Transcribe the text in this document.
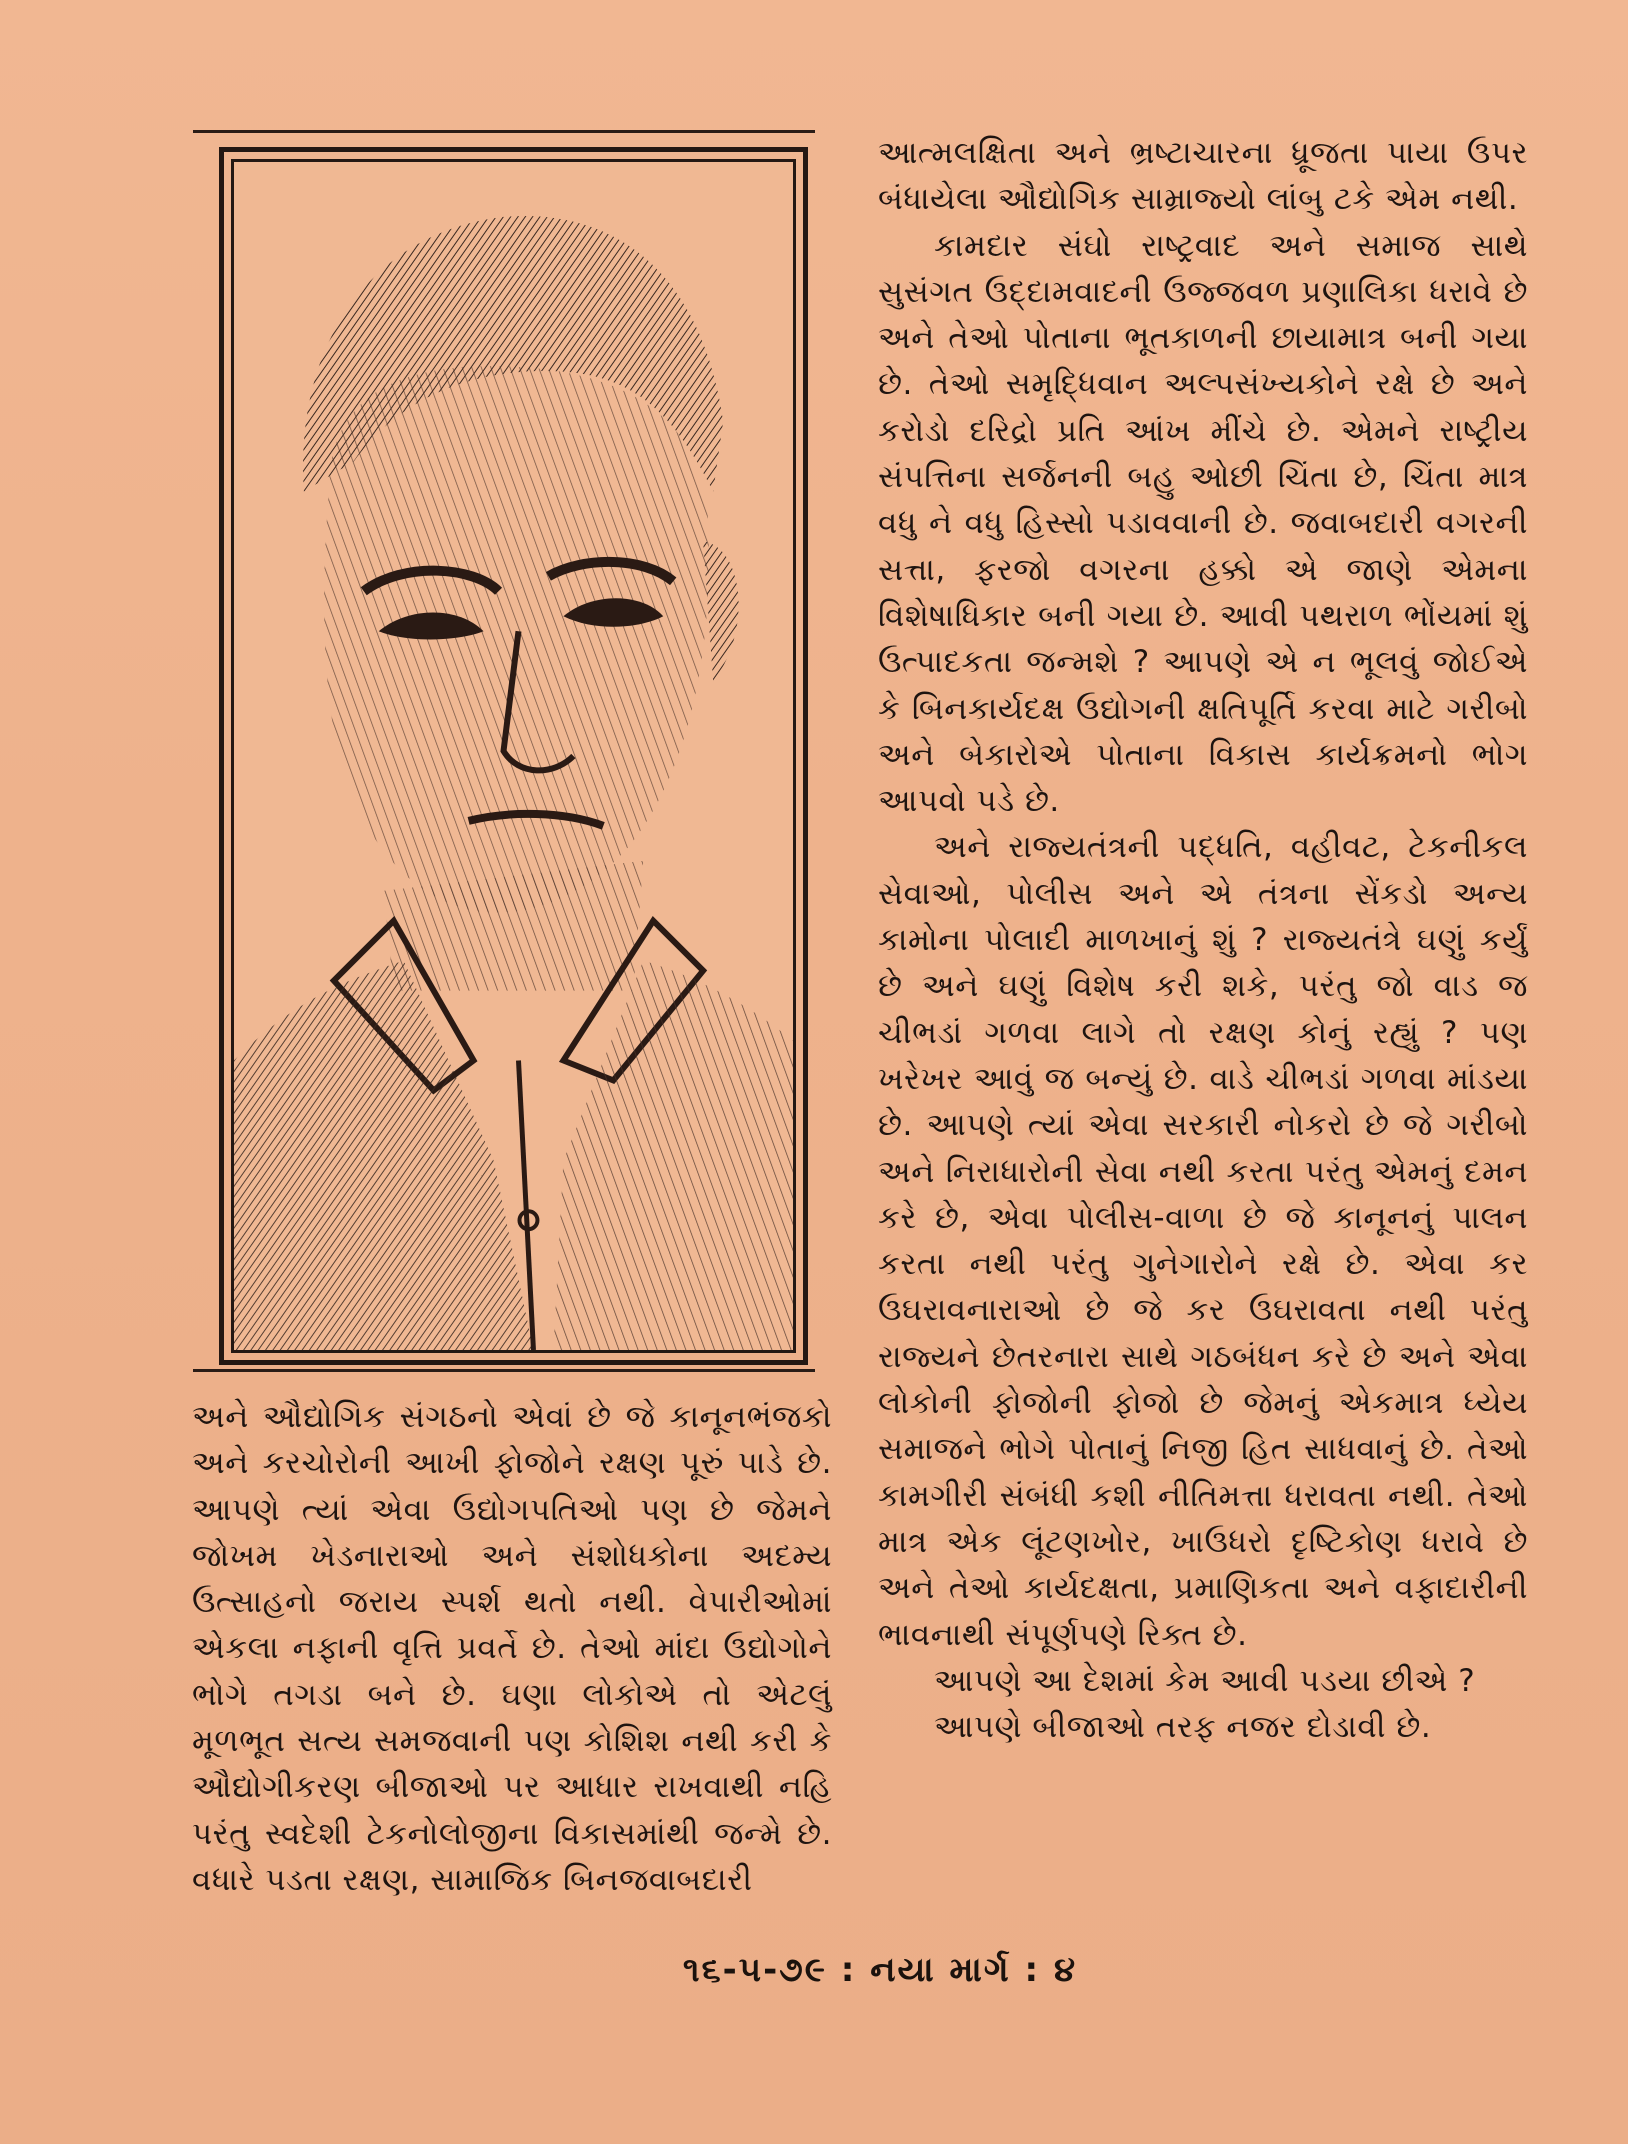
આત્મલક્ષિતા અને ભ્રષ્ટાચારના ધ્રૂજતા પાયા ઉપર બંધાયેલા ઔદ્યોગિક સામ્રાજ્યો લાંબુ ટકે એમ નથી.

કામદાર સંઘો રાષ્ટ્રવાદ અને સમાજ સાથે સુસંગત ઉદ્દામવાદની ઉજ્જવળ પ્રણાલિકા ધરાવે છે અને તેઓ પોતાના ભૂતકાળની છાયામાત્ર બની ગયા છે. તેઓ સમૃદ્ધિવાન અલ્પસંખ્યકોને રક્ષે છે અને કરોડો દરિદ્રો પ્રતિ આંખ મીંચે છે. એમને રાષ્ટ્રીય સંપત્તિના સર્જનની બહુ ઓછી ચિંતા છે, ચિંતા માત્ર વધુ ને વધુ હિસ્સો પડાવવાની છે. જવાબદારી વગરની સત્તા, ફરજો વગરના હક્કો એ જાણે એમના વિશેષાધિકાર બની ગયા છે. આવી પથરાળ ભોંયમાં શું ઉત્પાદકતા જન્મશે ? આપણે એ ન ભૂલવું જોઈએ કે બિનકાર્યદક્ષ ઉદ્યોગની ક્ષતિપૂર્તિ કરવા માટે ગરીબો અને બેકારોએ પોતાના વિકાસ કાર્યક્રમનો ભોગ આપવો પડે છે.

અને રાજ્યતંત્રની પદ્ધતિ, વહીવટ, ટેકનીકલ સેવાઓ, પોલીસ અને એ તંત્રના સેંકડો અન્ય કામોના પોલાદી માળખાનું શું ? રાજ્યતંત્રે ઘણું કર્યું છે અને ઘણું વિશેષ કરી શકે, પરંતુ જો વાડ જ ચીભડાં ગળવા લાગે તો રક્ષણ કોનું રહ્યું ? પણ ખરેખર આવું જ બન્યું છે. વાડે ચીભડાં ગળવા માંડયા છે. આપણે ત્યાં એવા સરકારી નોકરો છે જે ગરીબો અને નિરાધારોની સેવા નથી કરતા પરંતુ એમનું દમન કરે છે, એવા પોલીસ-વાળા છે જે કાનૂનનું પાલન કરતા નથી પરંતુ ગુનેગારોને રક્ષે છે. એવા કર ઉઘરાવનારાઓ છે જે કર ઉઘરાવતા નથી પરંતુ રાજ્યને છેતરનારા સાથે ગઠબંધન કરે છે અને એવા લોકોની ફોજોની ફોજો છે જેમનું એકમાત્ર ધ્યેય સમાજને ભોગે પોતાનું નિજી હિત સાધવાનું છે. તેઓ કામગીરી સંબંધી કશી નીતિમત્તા ધરાવતા નથી. તેઓ માત્ર એક લૂંટણખોર, ખાઉધરો દૃષ્ટિકોણ ધરાવે છે અને તેઓ કાર્યદક્ષતા, પ્રમાણિકતા અને વફાદારીની ભાવનાથી સંપૂર્ણપણે રિક્ત છે.

આપણે આ દેશમાં કેમ આવી પડયા છીએ ?

આપણે બીજાઓ તરફ નજર દોડાવી છે.

અને ઔદ્યોગિક સંગઠનો એવાં છે જે કાનૂનભંજકો અને કરચોરોની આખી ફોજોને રક્ષણ પૂરું પાડે છે. આપણે ત્યાં એવા ઉદ્યોગપતિઓ પણ છે જેમને જોખમ ખેડનારાઓ અને સંશોધકોના અદમ્ય ઉત્સાહનો જરાય સ્પર્શ થતો નથી. વેપારીઓમાં એકલા નફાની વૃત્તિ પ્રવર્તે છે. તેઓ માંદા ઉદ્યોગોને ભોગે તગડા બને છે. ઘણા લોકોએ તો એટલું મૂળભૂત સત્ય સમજવાની પણ કોશિશ નથી કરી કે ઔદ્યોગીકરણ બીજાઓ પર આધાર રાખવાથી નહિ પરંતુ સ્વદેશી ટેકનોલોજીના વિકાસમાંથી જન્મે છે. વધારે પડતા રક્ષણ, સામાજિક બિનજવાબદારી

૧૬-૫-૭૯ : નયા માર્ગ : ૪
